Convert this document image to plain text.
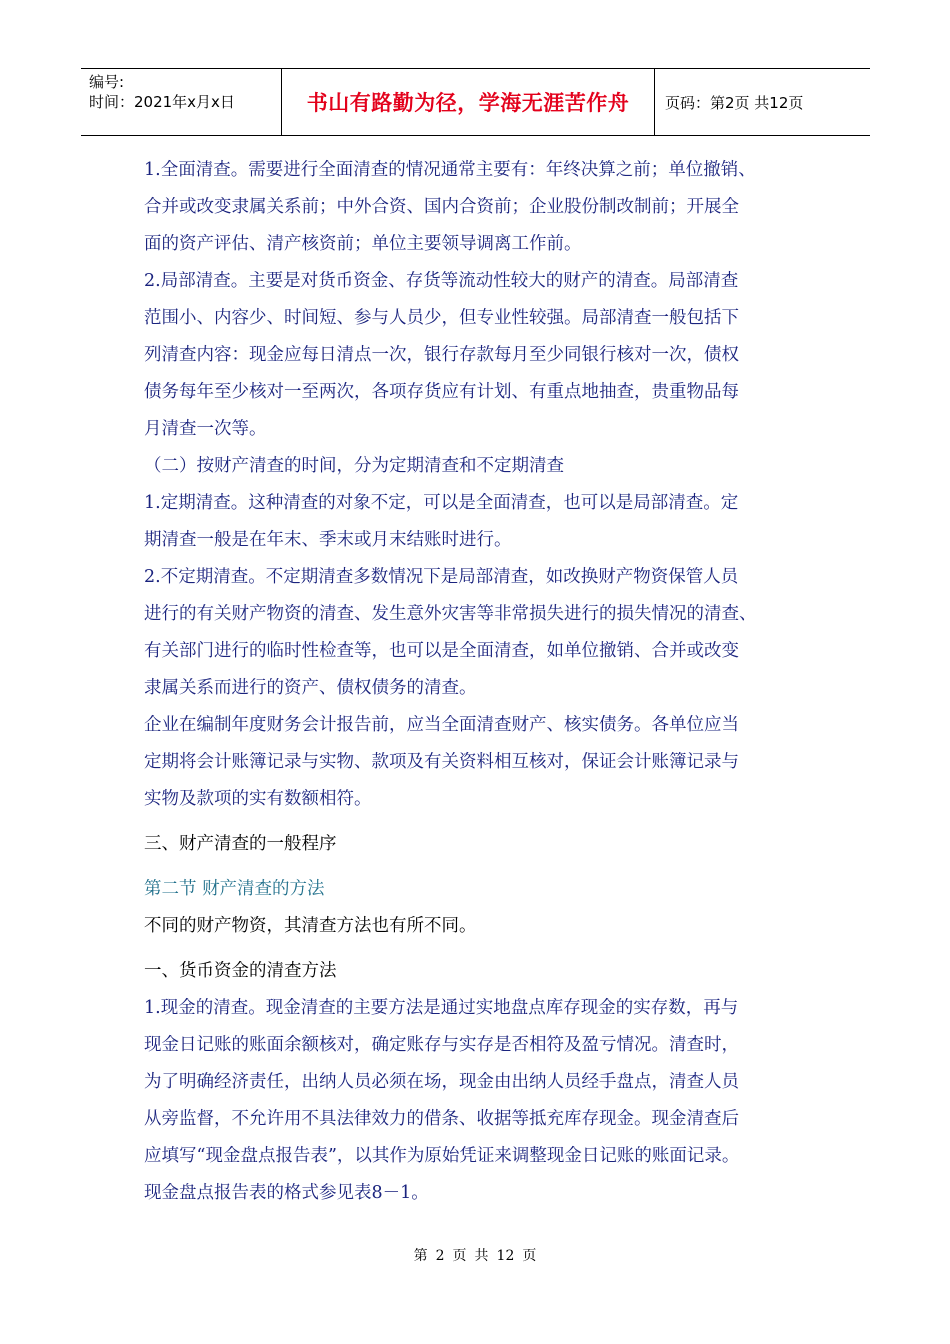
编号:
时间：2021年x月x日	书山有路勤为径，学海无涯苦作舟	页码：第2页 共12页

1.全面清查。需要进行全面清查的情况通常主要有：年终决算之前；单位撤销、

合并或改变隶属关系前；中外合资、国内合资前；企业股份制改制前；开展全

面的资产评估、清产核资前；单位主要领导调离工作前。

2.局部清查。主要是对货币资金、存货等流动性较大的财产的清查。局部清查

范围小、内容少、时间短、参与人员少，但专业性较强。局部清查一般包括下

列清查内容：现金应每日清点一次，银行存款每月至少同银行核对一次，债权

债务每年至少核对一至两次，各项存货应有计划、有重点地抽查，贵重物品每

月清查一次等。

（二）按财产清查的时间，分为定期清查和不定期清查

1.定期清查。这种清查的对象不定，可以是全面清查，也可以是局部清查。定

期清查一般是在年末、季末或月末结账时进行。

2.不定期清查。不定期清查多数情况下是局部清查，如改换财产物资保管人员

进行的有关财产物资的清查、发生意外灾害等非常损失进行的损失情况的清查、

有关部门进行的临时性检查等，也可以是全面清查，如单位撤销、合并或改变

隶属关系而进行的资产、债权债务的清查。

企业在编制年度财务会计报告前，应当全面清查财产、核实债务。各单位应当

定期将会计账簿记录与实物、款项及有关资料相互核对，保证会计账簿记录与

实物及款项的实有数额相符。

三、财产清查的一般程序

第二节 财产清查的方法

不同的财产物资，其清查方法也有所不同。

一、货币资金的清查方法

1.现金的清查。现金清查的主要方法是通过实地盘点库存现金的实存数，再与

现金日记账的账面余额核对，确定账存与实存是否相符及盈亏情况。清查时，

为了明确经济责任，出纳人员必须在场，现金由出纳人员经手盘点，清查人员

从旁监督，不允许用不具法律效力的借条、收据等抵充库存现金。现金清查后

应填写“现金盘点报告表”，以其作为原始凭证来调整现金日记账的账面记录。

现金盘点报告表的格式参见表8－1。

第 2 页 共 12 页
